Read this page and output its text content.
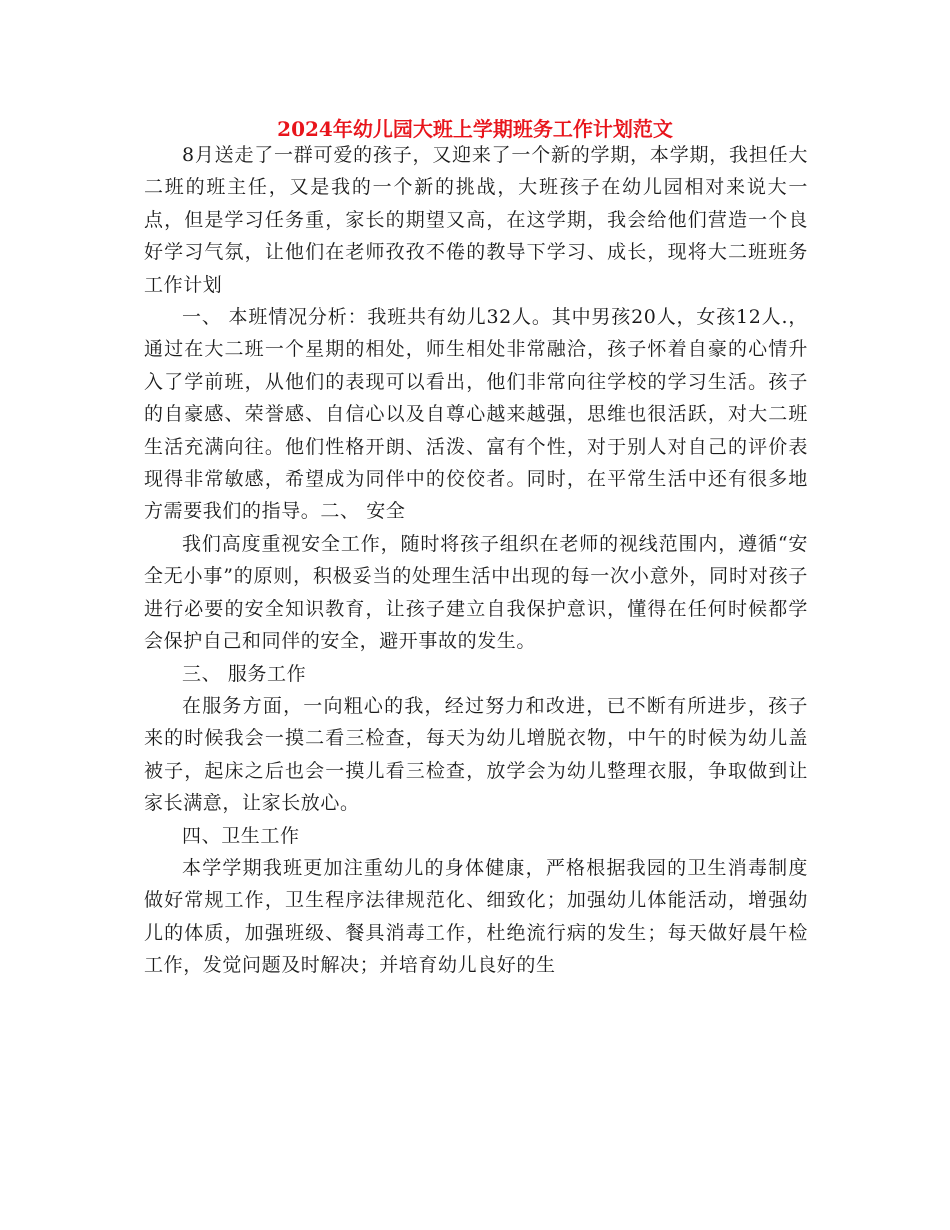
2024年幼儿园大班上学期班务工作计划范文

8月送走了一群可爱的孩子，又迎来了一个新的学期，本学期，我担任大二班的班主任，又是我的一个新的挑战，大班孩子在幼儿园相对来说大一点，但是学习任务重，家长的期望又高，在这学期，我会给他们营造一个良好学习气氛，让他们在老师孜孜不倦的教导下学习、成长，现将大二班班务工作计划

一、 本班情况分析：我班共有幼儿32人。其中男孩20人，女孩12人.，通过在大二班一个星期的相处，师生相处非常融洽，孩子怀着自豪的心情升入了学前班，从他们的表现可以看出，他们非常向往学校的学习生活。孩子的自豪感、荣誉感、自信心以及自尊心越来越强，思维也很活跃，对大二班生活充满向往。他们性格开朗、活泼、富有个性，对于别人对自己的评价表现得非常敏感，希望成为同伴中的佼佼者。同时，在平常生活中还有很多地方需要我们的指导。二、 安全

我们高度重视安全工作，随时将孩子组织在老师的视线范围内，遵循“安全无小事”的原则，积极妥当的处理生活中出现的每一次小意外，同时对孩子进行必要的安全知识教育，让孩子建立自我保护意识，懂得在任何时候都学会保护自己和同伴的安全，避开事故的发生。

三、 服务工作

在服务方面，一向粗心的我，经过努力和改进，已不断有所进步，孩子来的时候我会一摸二看三检查，每天为幼儿增脱衣物，中午的时候为幼儿盖被子，起床之后也会一摸儿看三检查，放学会为幼儿整理衣服，争取做到让家长满意，让家长放心。

四、卫生工作

本学学期我班更加注重幼儿的身体健康，严格根据我园的卫生消毒制度做好常规工作，卫生程序法律规范化、细致化；加强幼儿体能活动，增强幼儿的体质，加强班级、餐具消毒工作，杜绝流行病的发生；每天做好晨午检工作，发觉问题及时解决；并培育幼儿良好的生
